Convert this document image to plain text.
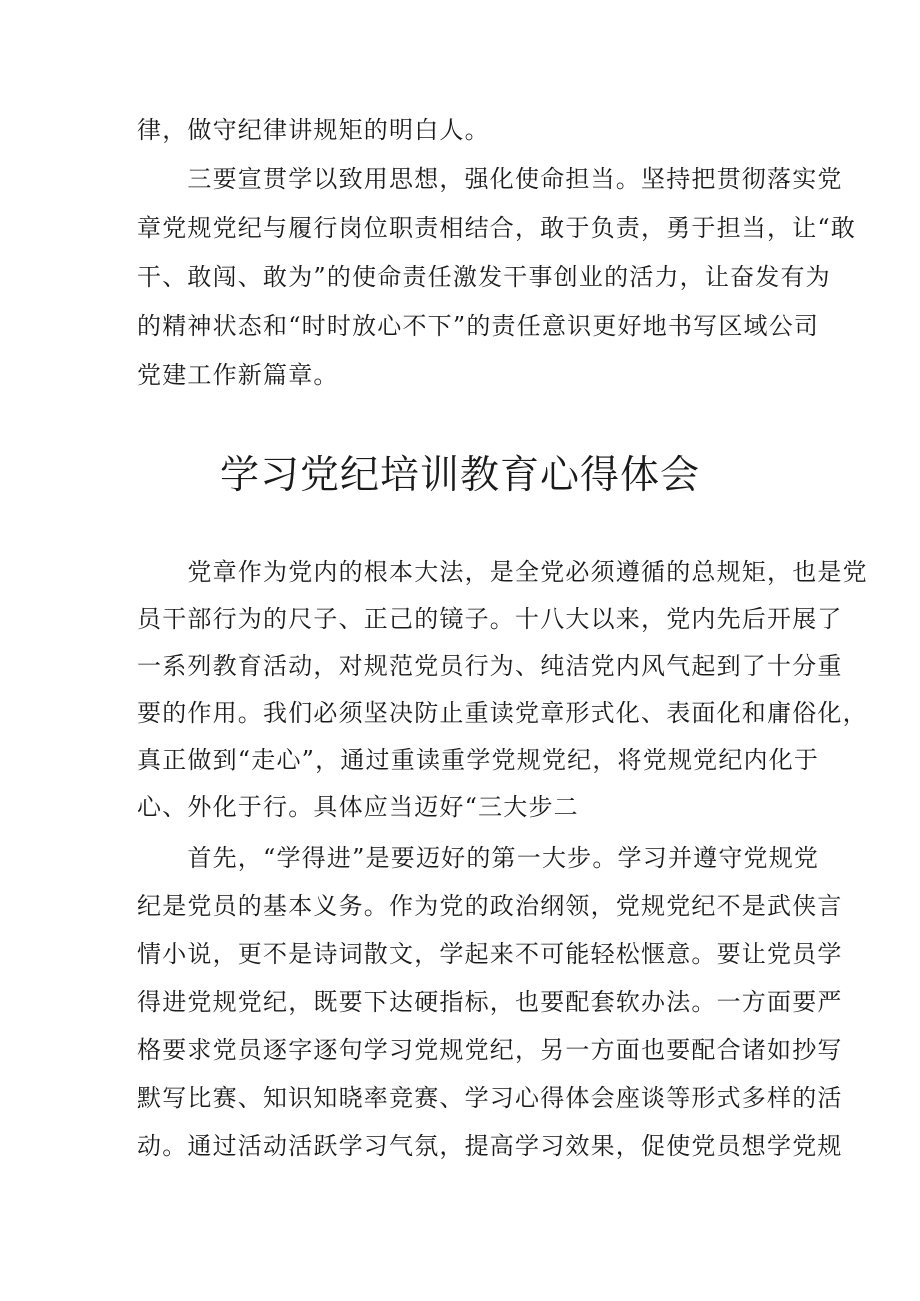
律，做守纪律讲规矩的明白人。
　　三要宣贯学以致用思想，强化使命担当。坚持把贯彻落实党
章党规党纪与履行岗位职责相结合，敢于负责，勇于担当，让“敢
干、敢闯、敢为”的使命责任激发干事创业的活力，让奋发有为
的精神状态和“时时放心不下”的责任意识更好地书写区域公司
党建工作新篇章。
学习党纪培训教育心得体会
　　党章作为党内的根本大法，是全党必须遵循的总规矩，也是党
员干部行为的尺子、正己的镜子。十八大以来，党内先后开展了
一系列教育活动，对规范党员行为、纯洁党内风气起到了十分重
要的作用。我们必须坚决防止重读党章形式化、表面化和庸俗化，
真正做到“走心”，通过重读重学党规党纪，将党规党纪内化于
心、外化于行。具体应当迈好“三大步二
　　首先，“学得进”是要迈好的第一大步。学习并遵守党规党
纪是党员的基本义务。作为党的政治纲领，党规党纪不是武侠言
情小说，更不是诗词散文，学起来不可能轻松惬意。要让党员学
得进党规党纪，既要下达硬指标，也要配套软办法。一方面要严
格要求党员逐字逐句学习党规党纪，另一方面也要配合诸如抄写
默写比赛、知识知晓率竞赛、学习心得体会座谈等形式多样的活
动。通过活动活跃学习气氛，提高学习效果，促使党员想学党规
